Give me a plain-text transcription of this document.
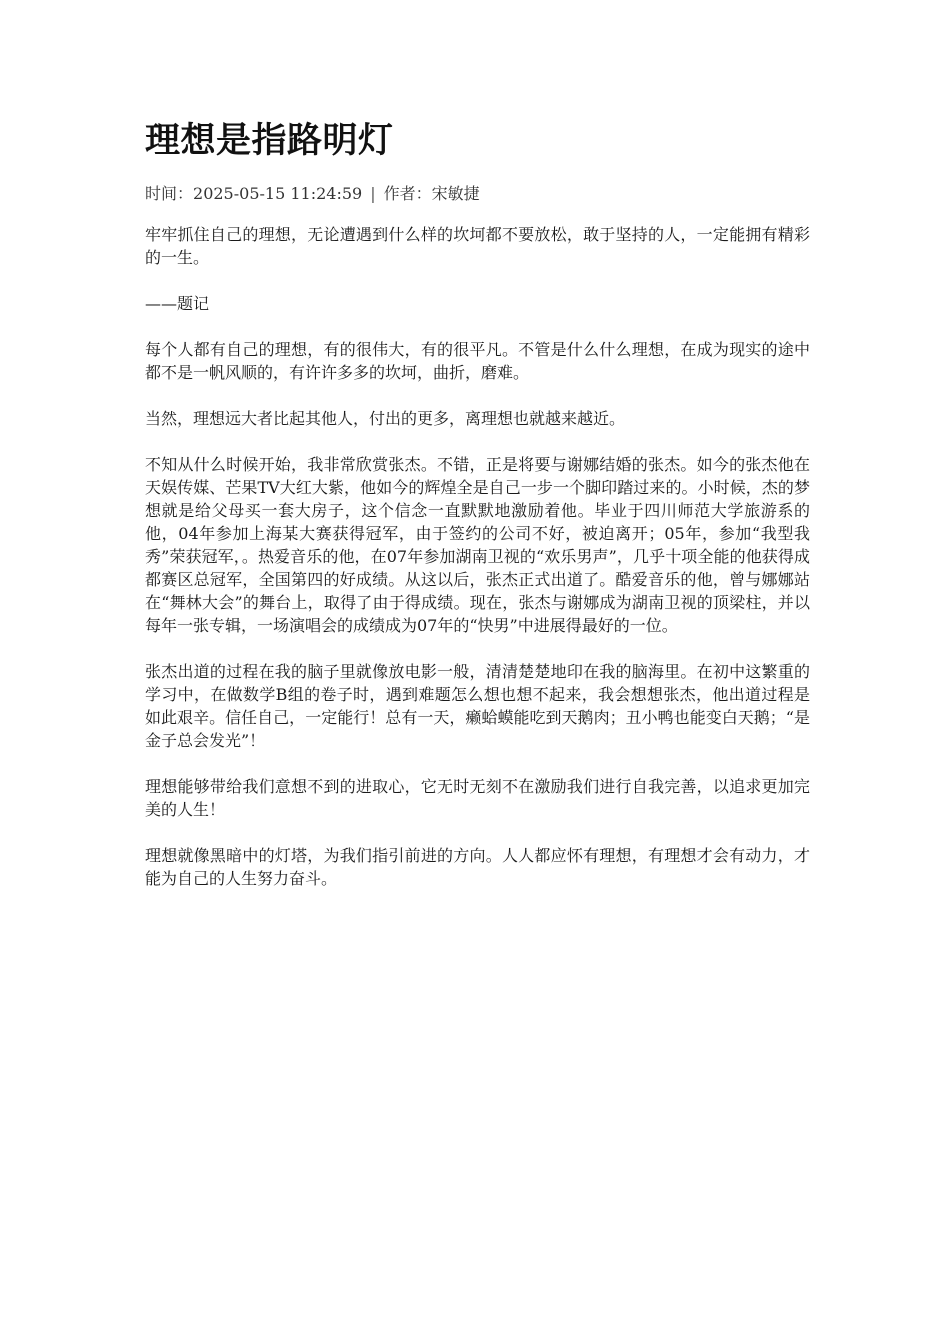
理想是指路明灯
时间：2025-05-15 11:24:59 | 作者：宋敏捷

牢牢抓住自己的理想，无论遭遇到什么样的坎坷都不要放松，敢于坚持的人，一定能拥有精彩的一生。

——题记

每个人都有自己的理想，有的很伟大，有的很平凡。不管是什么什么理想，在成为现实的途中都不是一帆风顺的，有许许多多的坎坷，曲折，磨难。

当然，理想远大者比起其他人，付出的更多，离理想也就越来越近。

不知从什么时候开始，我非常欣赏张杰。不错，正是将要与谢娜结婚的张杰。如今的张杰他在天娱传媒、芒果TV大红大紫，他如今的辉煌全是自己一步一个脚印踏过来的。小时候，杰的梦想就是给父母买一套大房子，这个信念一直默默地激励着他。毕业于四川师范大学旅游系的他，04年参加上海某大赛获得冠军，由于签约的公司不好，被迫离开；05年，参加“我型我秀”荣获冠军，。热爱音乐的他，在07年参加湖南卫视的“欢乐男声”，几乎十项全能的他获得成都赛区总冠军，全国第四的好成绩。从这以后，张杰正式出道了。酷爱音乐的他，曾与娜娜站在“舞林大会”的舞台上，取得了由于得成绩。现在，张杰与谢娜成为湖南卫视的顶梁柱，并以每年一张专辑，一场演唱会的成绩成为07年的“快男”中进展得最好的一位。

张杰出道的过程在我的脑子里就像放电影一般，清清楚楚地印在我的脑海里。在初中这繁重的学习中，在做数学B组的卷子时，遇到难题怎么想也想不起来，我会想想张杰，他出道过程是如此艰辛。信任自己，一定能行！总有一天，癞蛤蟆能吃到天鹅肉；丑小鸭也能变白天鹅；“是金子总会发光”！

理想能够带给我们意想不到的进取心，它无时无刻不在激励我们进行自我完善，以追求更加完美的人生！

理想就像黑暗中的灯塔，为我们指引前进的方向。人人都应怀有理想，有理想才会有动力，才能为自己的人生努力奋斗。
